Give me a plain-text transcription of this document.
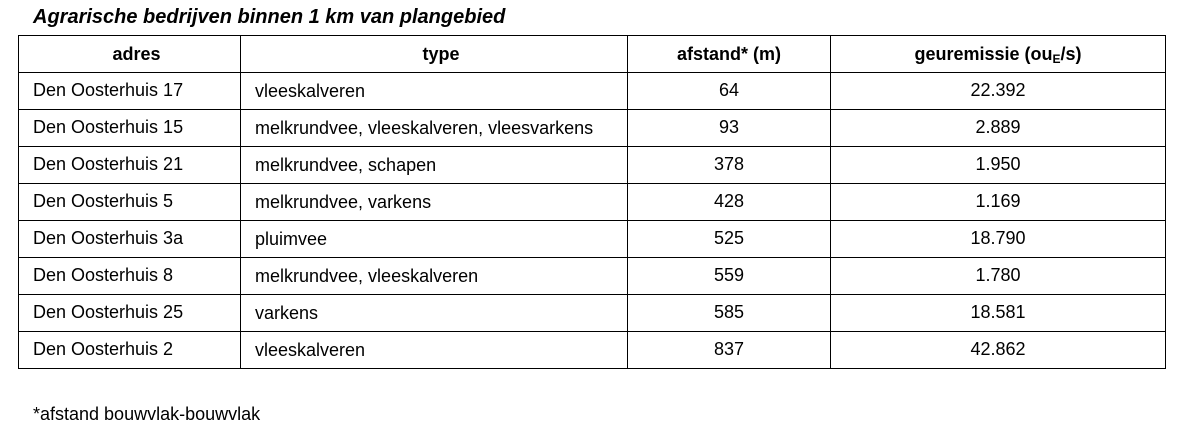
Agrarische bedrijven binnen 1 km van plangebied
adres	type	afstand* (m)	geuremissie $(ou_E/s)$
Den Oosterhuis 17	vleeskalveren	64	22.392
Den Oosterhuis 15	melkrundvee, vleeskalveren, vleesvarkens	93	2.889
Den Oosterhuis 21	melkrundvee, schapen	378	1.950
Den Oosterhuis 5	melkrundvee, varkens	428	1.169
Den Oosterhuis 3a	pluimvee	525	18.790
Den Oosterhuis 8	melkrundvee, vleeskalveren	559	1.780
Den Oosterhuis 25	varkens	585	18.581
Den Oosterhuis 2	vleeskalveren	837	42.862
*afstand bouwvlak-bouwvlak
